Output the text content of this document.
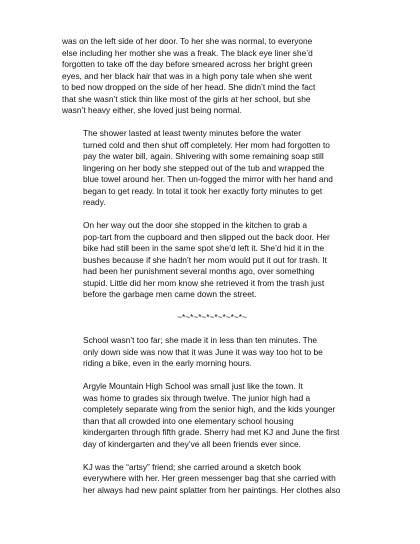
was on the left side of her door. To her she was normal, to everyone
else including her mother she was a freak. The black eye liner she’d
forgotten to take off the day before smeared across her bright green
eyes, and her black hair that was in a high pony tale when she went
to bed now dropped on the side of her head. She didn’t mind the fact
that she wasn’t stick thin like most of the girls at her school, but she
wasn’t heavy either, she loved just being normal.

The shower lasted at least twenty minutes before the water
turned cold and then shut off completely. Her mom had forgotten to
pay the water bill, again. Shivering with some remaining soap still
lingering on her body she stepped out of the tub and wrapped the
blue towel around her. Then un-fogged the mirror with her hand and
began to get ready. In total it took her exactly forty minutes to get
ready.

On her way out the door she stopped in the kitchen to grab a
pop-tart from the cupboard and then slipped out the back door. Her
bike had still been in the same spot she’d left it. She’d hid it in the
bushes because if she hadn’t her mom would put it out for trash. It
had been her punishment several months ago, over something
stupid. Little did her mom know she retrieved it from the trash just
before the garbage men came down the street.

~*~*~*~*~*~*~*~*~

School wasn’t too far; she made it in less than ten minutes. The
only down side was now that it was June it was way too hot to be
riding a bike, even in the early morning hours.

Argyle Mountain High School was small just like the town. It
was home to grades six through twelve. The junior high had a
completely separate wing from the senior high, and the kids younger
than that all crowded into one elementary school housing
kindergarten through fifth grade. Sherry had met KJ and June the first
day of kindergarten and they’ve all been friends ever since.

KJ was the “artsy” friend; she carried around a sketch book
everywhere with her. Her green messenger bag that she carried with
her always had new paint splatter from her paintings. Her clothes also
